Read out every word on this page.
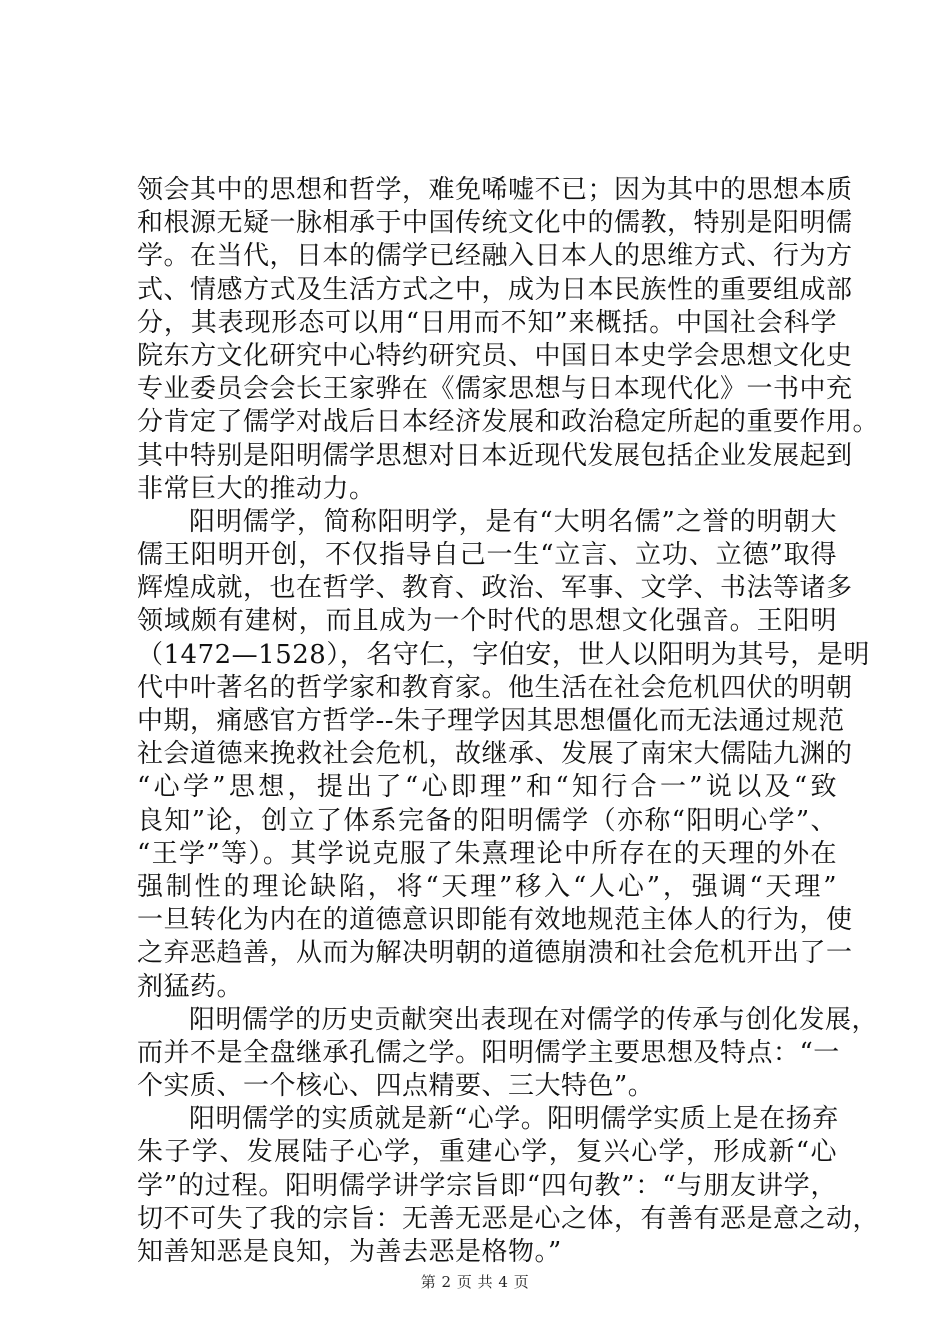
领会其中的思想和哲学，难免唏嘘不已；因为其中的思想本质
和根源无疑一脉相承于中国传统文化中的儒教，特别是阳明儒
学。在当代，日本的儒学已经融入日本人的思维方式、行为方
式、情感方式及生活方式之中，成为日本民族性的重要组成部
分，其表现形态可以用“日用而不知”来概括。中国社会科学
院东方文化研究中心特约研究员、中国日本史学会思想文化史
专业委员会会长王家骅在《儒家思想与日本现代化》一书中充
分肯定了儒学对战后日本经济发展和政治稳定所起的重要作用。
其中特别是阳明儒学思想对日本近现代发展包括企业发展起到
非常巨大的推动力。
阳明儒学，简称阳明学，是有“大明名儒”之誉的明朝大
儒王阳明开创，不仅指导自己一生“立言、立功、立德”取得
辉煌成就，也在哲学、教育、政治、军事、文学、书法等诸多
领域颇有建树，而且成为一个时代的思想文化强音。王阳明
（1472—1528），名守仁，字伯安，世人以阳明为其号，是明
代中叶著名的哲学家和教育家。他生活在社会危机四伏的明朝
中期，痛感官方哲学--朱子理学因其思想僵化而无法通过规范
社会道德来挽救社会危机，故继承、发展了南宋大儒陆九渊的
“心学”思想，提出了“心即理”和“知行合一”说以及“致
良知”论，创立了体系完备的阳明儒学（亦称“阳明心学”、
“王学”等）。其学说克服了朱熹理论中所存在的天理的外在
强制性的理论缺陷，将“天理”移入“人心”，强调“天理”
一旦转化为内在的道德意识即能有效地规范主体人的行为，使
之弃恶趋善，从而为解决明朝的道德崩溃和社会危机开出了一
剂猛药。
阳明儒学的历史贡献突出表现在对儒学的传承与创化发展，
而并不是全盘继承孔儒之学。阳明儒学主要思想及特点：“一
个实质、一个核心、四点精要、三大特色”。
阳明儒学的实质就是新“心学。阳明儒学实质上是在扬弃
朱子学、发展陆子心学，重建心学，复兴心学，形成新“心
学”的过程。阳明儒学讲学宗旨即“四句教”：“与朋友讲学，
切不可失了我的宗旨：无善无恶是心之体，有善有恶是意之动，
知善知恶是良知，为善去恶是格物。”
第 2 页 共 4 页
